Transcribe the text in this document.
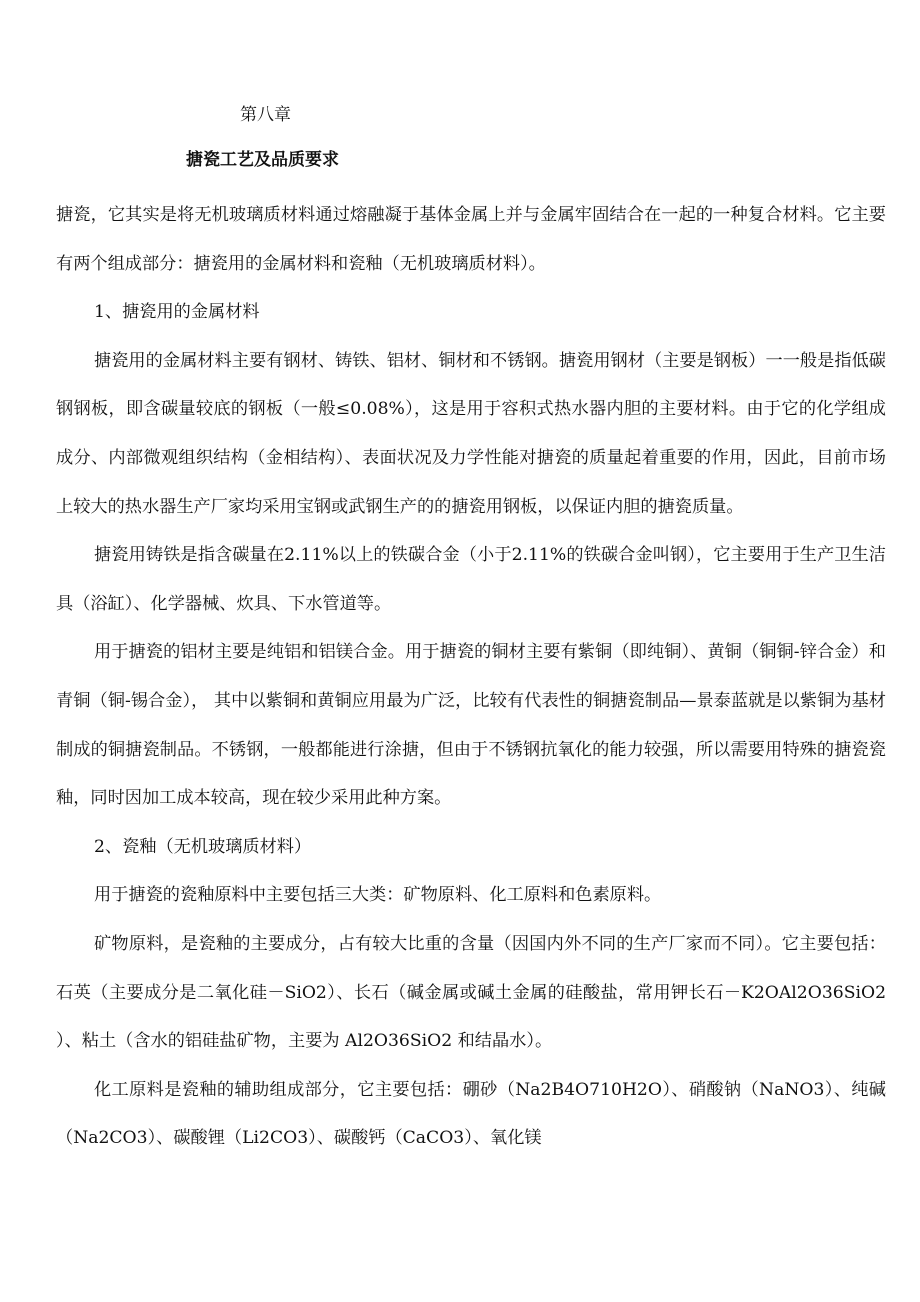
第八章
搪瓷工艺及品质要求

搪瓷，它其实是将无机玻璃质材料通过熔融凝于基体金属上并与金属牢固结合在一起的一种复合材料。它主要有两个组成部分：搪瓷用的金属材料和瓷釉（无机玻璃质材料）。

1、搪瓷用的金属材料

搪瓷用的金属材料主要有钢材、铸铁、铝材、铜材和不锈钢。搪瓷用钢材（主要是钢板）一一般是指低碳钢钢板，即含碳量较底的钢板（一般≤0.08%），这是用于容积式热水器内胆的主要材料。由于它的化学组成成分、内部微观组织结构（金相结构）、表面状况及力学性能对搪瓷的质量起着重要的作用，因此，目前市场上较大的热水器生产厂家均采用宝钢或武钢生产的的搪瓷用钢板，以保证内胆的搪瓷质量。

搪瓷用铸铁是指含碳量在2.11%以上的铁碳合金（小于2.11%的铁碳合金叫钢），它主要用于生产卫生洁具（浴缸）、化学器械、炊具、下水管道等。

用于搪瓷的铝材主要是纯铝和铝镁合金。用于搪瓷的铜材主要有紫铜（即纯铜）、黄铜（铜铜-锌合金）和青铜（铜-锡合金）， 其中以紫铜和黄铜应用最为广泛，比较有代表性的铜搪瓷制品—景泰蓝就是以紫铜为基材制成的铜搪瓷制品。不锈钢，一般都能进行涂搪，但由于不锈钢抗氧化的能力较强，所以需要用特殊的搪瓷瓷釉，同时因加工成本较高，现在较少采用此种方案。

2、瓷釉（无机玻璃质材料）

用于搪瓷的瓷釉原料中主要包括三大类：矿物原料、化工原料和色素原料。

矿物原料，是瓷釉的主要成分，占有较大比重的含量（因国内外不同的生产厂家而不同）。它主要包括：石英（主要成分是二氧化硅－SiO2）、长石（碱金属或碱土金属的硅酸盐，常用钾长石－K2OAl2O36SiO2 ）、粘土（含水的铝硅盐矿物，主要为 Al2O36SiO2 和结晶水）。

化工原料是瓷釉的辅助组成部分，它主要包括：硼砂（Na2B4O710H2O）、硝酸钠（NaNO3）、纯碱（Na2CO3）、碳酸锂（Li2CO3）、碳酸钙（CaCO3）、氧化镁
